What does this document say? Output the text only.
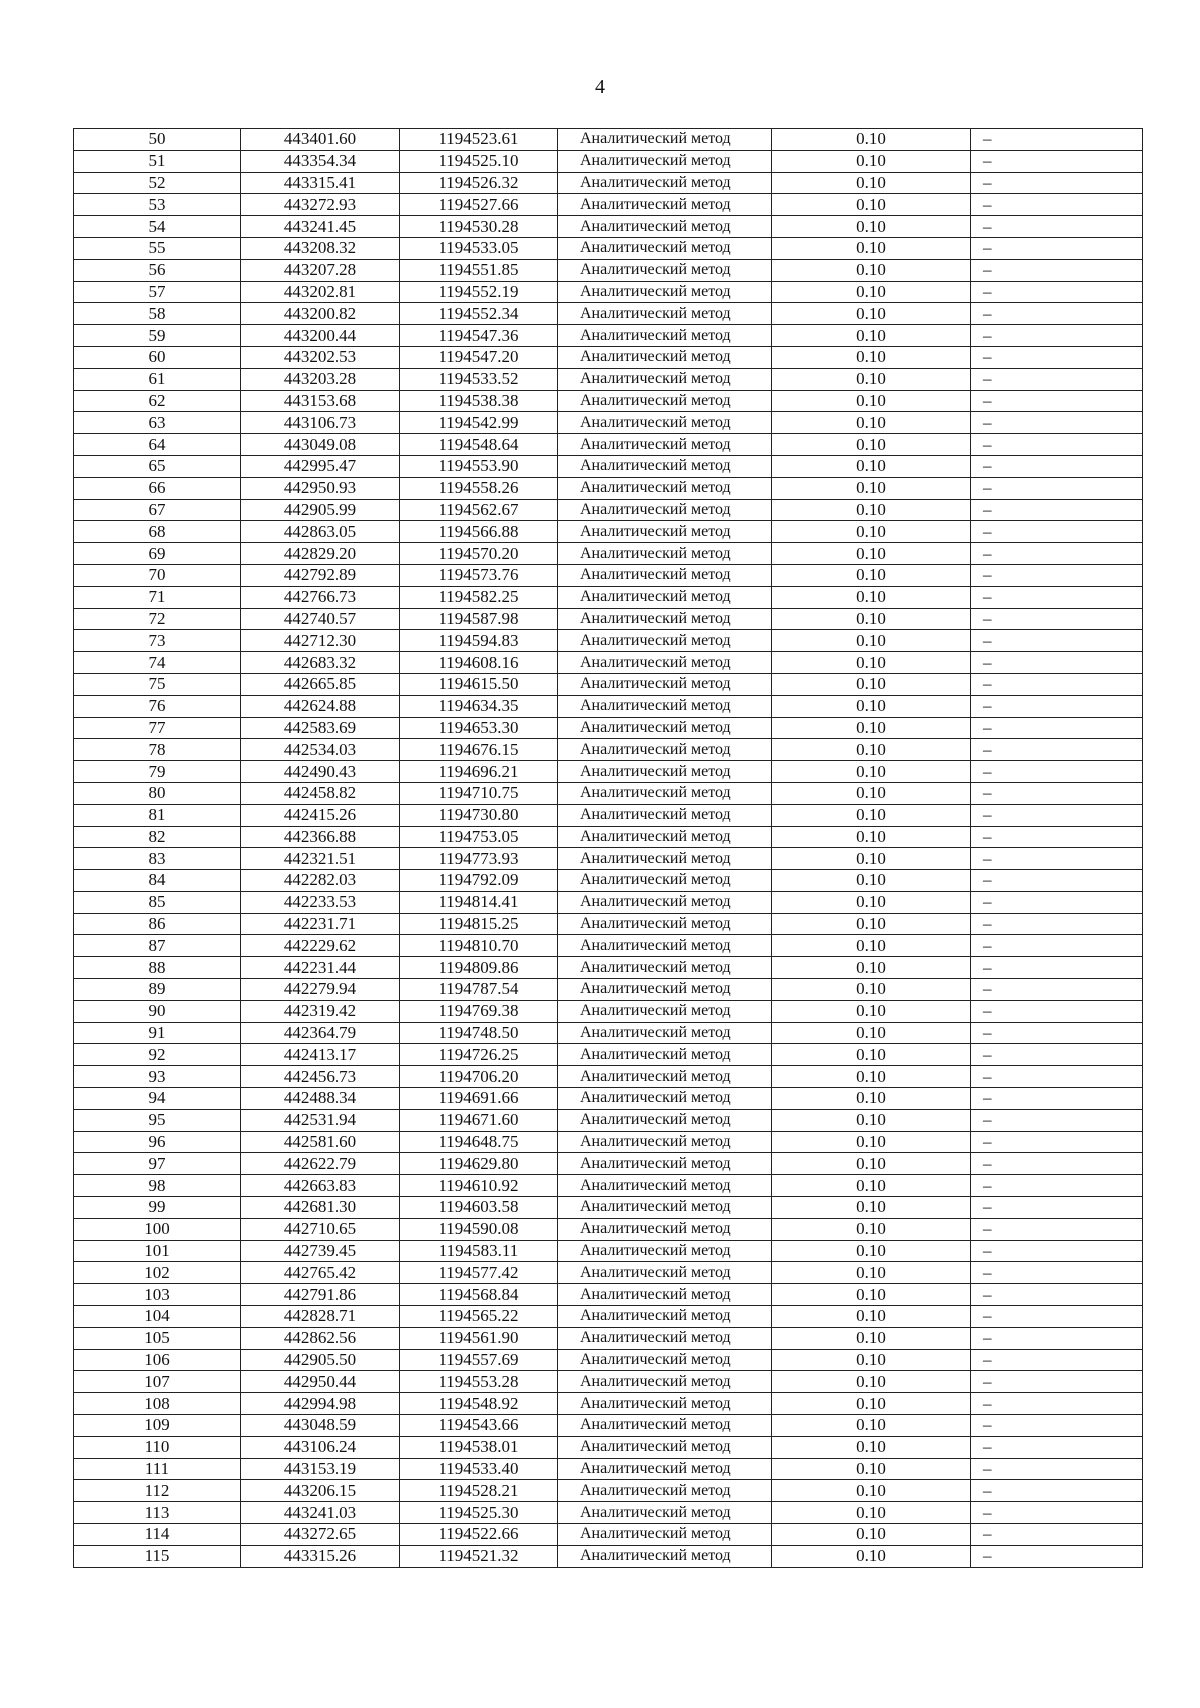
4
50	443401.60	1194523.61	Аналитический метод	0.10	–
51	443354.34	1194525.10	Аналитический метод	0.10	–
52	443315.41	1194526.32	Аналитический метод	0.10	–
53	443272.93	1194527.66	Аналитический метод	0.10	–
54	443241.45	1194530.28	Аналитический метод	0.10	–
55	443208.32	1194533.05	Аналитический метод	0.10	–
56	443207.28	1194551.85	Аналитический метод	0.10	–
57	443202.81	1194552.19	Аналитический метод	0.10	–
58	443200.82	1194552.34	Аналитический метод	0.10	–
59	443200.44	1194547.36	Аналитический метод	0.10	–
60	443202.53	1194547.20	Аналитический метод	0.10	–
61	443203.28	1194533.52	Аналитический метод	0.10	–
62	443153.68	1194538.38	Аналитический метод	0.10	–
63	443106.73	1194542.99	Аналитический метод	0.10	–
64	443049.08	1194548.64	Аналитический метод	0.10	–
65	442995.47	1194553.90	Аналитический метод	0.10	–
66	442950.93	1194558.26	Аналитический метод	0.10	–
67	442905.99	1194562.67	Аналитический метод	0.10	–
68	442863.05	1194566.88	Аналитический метод	0.10	–
69	442829.20	1194570.20	Аналитический метод	0.10	–
70	442792.89	1194573.76	Аналитический метод	0.10	–
71	442766.73	1194582.25	Аналитический метод	0.10	–
72	442740.57	1194587.98	Аналитический метод	0.10	–
73	442712.30	1194594.83	Аналитический метод	0.10	–
74	442683.32	1194608.16	Аналитический метод	0.10	–
75	442665.85	1194615.50	Аналитический метод	0.10	–
76	442624.88	1194634.35	Аналитический метод	0.10	–
77	442583.69	1194653.30	Аналитический метод	0.10	–
78	442534.03	1194676.15	Аналитический метод	0.10	–
79	442490.43	1194696.21	Аналитический метод	0.10	–
80	442458.82	1194710.75	Аналитический метод	0.10	–
81	442415.26	1194730.80	Аналитический метод	0.10	–
82	442366.88	1194753.05	Аналитический метод	0.10	–
83	442321.51	1194773.93	Аналитический метод	0.10	–
84	442282.03	1194792.09	Аналитический метод	0.10	–
85	442233.53	1194814.41	Аналитический метод	0.10	–
86	442231.71	1194815.25	Аналитический метод	0.10	–
87	442229.62	1194810.70	Аналитический метод	0.10	–
88	442231.44	1194809.86	Аналитический метод	0.10	–
89	442279.94	1194787.54	Аналитический метод	0.10	–
90	442319.42	1194769.38	Аналитический метод	0.10	–
91	442364.79	1194748.50	Аналитический метод	0.10	–
92	442413.17	1194726.25	Аналитический метод	0.10	–
93	442456.73	1194706.20	Аналитический метод	0.10	–
94	442488.34	1194691.66	Аналитический метод	0.10	–
95	442531.94	1194671.60	Аналитический метод	0.10	–
96	442581.60	1194648.75	Аналитический метод	0.10	–
97	442622.79	1194629.80	Аналитический метод	0.10	–
98	442663.83	1194610.92	Аналитический метод	0.10	–
99	442681.30	1194603.58	Аналитический метод	0.10	–
100	442710.65	1194590.08	Аналитический метод	0.10	–
101	442739.45	1194583.11	Аналитический метод	0.10	–
102	442765.42	1194577.42	Аналитический метод	0.10	–
103	442791.86	1194568.84	Аналитический метод	0.10	–
104	442828.71	1194565.22	Аналитический метод	0.10	–
105	442862.56	1194561.90	Аналитический метод	0.10	–
106	442905.50	1194557.69	Аналитический метод	0.10	–
107	442950.44	1194553.28	Аналитический метод	0.10	–
108	442994.98	1194548.92	Аналитический метод	0.10	–
109	443048.59	1194543.66	Аналитический метод	0.10	–
110	443106.24	1194538.01	Аналитический метод	0.10	–
111	443153.19	1194533.40	Аналитический метод	0.10	–
112	443206.15	1194528.21	Аналитический метод	0.10	–
113	443241.03	1194525.30	Аналитический метод	0.10	–
114	443272.65	1194522.66	Аналитический метод	0.10	–
115	443315.26	1194521.32	Аналитический метод	0.10	–
